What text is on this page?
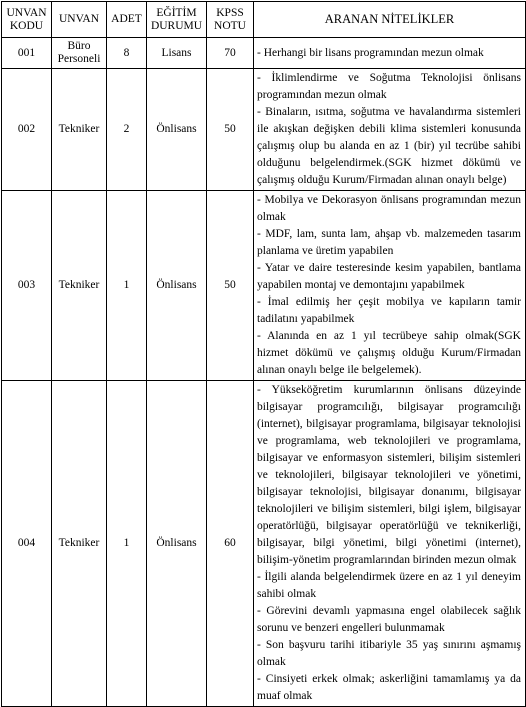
UNVAN KODU	UNVAN	ADET	EĞİTİM DURUMU	KPSS NOTU	ARANAN NİTELİKLER
001	Büro Personeli	8	Lisans	70	- Herhangi bir lisans programından mezun olmak

002	Tekniker	2	Önlisans	50	- İklimlendirme ve Soğutma Teknolojisi önlisans programından mezun olmak
- Binaların, ısıtma, soğutma ve havalandırma sistemleri ile akışkan değişken debili klima sistemleri konusunda çalışmış olup bu alanda en az 1 (bir) yıl tecrübe sahibi olduğunu belgelendirmek.(SGK hizmet dökümü ve çalışmış olduğu Kurum/Firmadan alınan onaylı belge)

003	Tekniker	1	Önlisans	50	- Mobilya ve Dekorasyon önlisans programından mezun olmak
- MDF, lam, sunta lam, ahşap vb. malzemeden tasarım planlama ve üretim yapabilen
- Yatar ve daire testeresinde kesim yapabilen, bantlama yapabilen montaj ve demontajını yapabilmek
- İmal edilmiş her çeşit mobilya ve kapıların tamir tadilatını yapabilmek
- Alanında en az 1 yıl tecrübeye sahip olmak(SGK hizmet dökümü ve çalışmış olduğu Kurum/Firmadan alınan onaylı belge ile belgelemek).

004	Tekniker	1	Önlisans	60	- Yükseköğretim kurumlarının önlisans düzeyinde bilgisayar programcılığı, bilgisayar programcılığı (internet), bilgisayar programlama, bilgisayar teknolojisi ve programlama, web teknolojileri ve programlama, bilgisayar ve enformasyon sistemleri, bilişim sistemleri ve teknolojileri, bilgisayar teknolojileri ve yönetimi, bilgisayar teknolojisi, bilgisayar donanımı, bilgisayar teknolojileri ve bilişim sistemleri, bilgi işlem, bilgisayar operatörlüğü, bilgisayar operatörlüğü ve teknikerliği, bilgisayar, bilgi yönetimi, bilgi yönetimi (internet), bilişim-yönetim programlarından birinden mezun olmak
- İlgili alanda belgelendirmek üzere en az 1 yıl deneyim sahibi olmak
- Görevini devamlı yapmasına engel olabilecek sağlık sorunu ve benzeri engelleri bulunmamak
- Son başvuru tarihi itibariyle 35 yaş sınırını aşmamış olmak
- Cinsiyeti erkek olmak; askerliğini tamamlamış ya da muaf olmak
